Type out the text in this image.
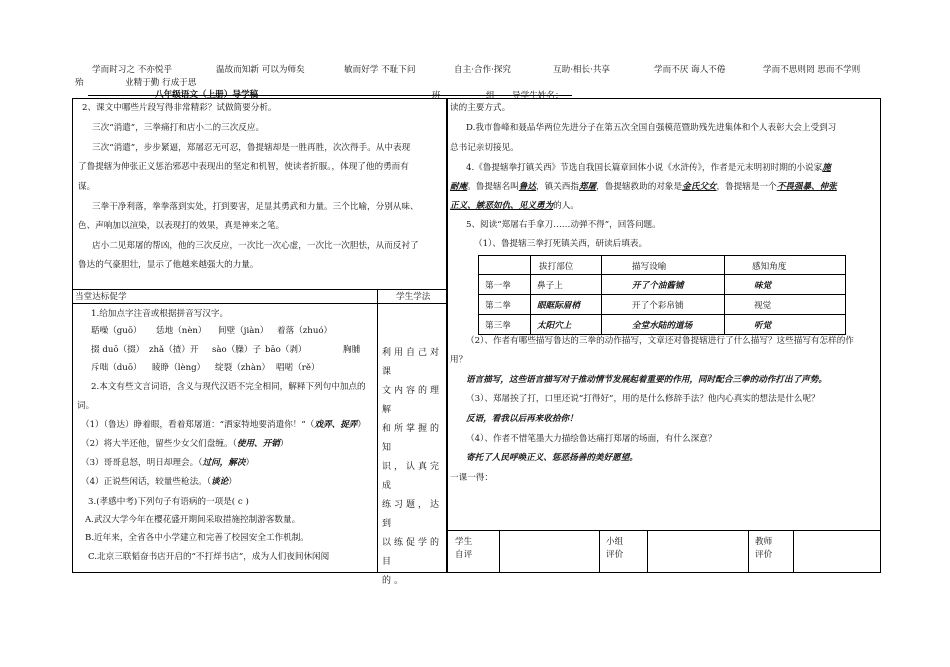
学而时习之 不亦悦乎	温故而知新 可以为师矣	敏而好学 不耻下问	自主·合作·探究	互助·相长·共享	学而不厌 诲人不倦	学而不思则罔 思而不学则
殆	业精于勤 行成于思
八年级语文（上册）导学稿	班	组 导学生姓名：
2、课文中哪些片段写得非常精彩？试做简要分析。
三次“消遣”，三拳痛打和店小二的三次反应。
三次“消遣”，步步紧逼，郑屠忍无可忍，鲁提辖却是一胜再胜，次次得手。从中表现
了鲁提辖为伸张正义惩治邪恶中表现出的坚定和机智，使读者折服。，体现了他的勇而有
谋。
三拳干净利落，拳拳落到实处，打到要害，足显其勇武和力量。三个比喻，分别从味、
色、声响加以渲染，以表现打的效果，真是神来之笔。
店小二见郑屠的帮凶，他的三次反应，一次比一次心虚，一次比一次胆怯，从而反衬了
鲁达的气豪胆壮，显示了他越来越强大的力量。
当堂达标促学	学生学法
1.给加点字注音或根据拼音写汉字。
聒噪（guō） 恁地（nèn） 间壁（jiàn） 着落（zhuó）
掇 duō（掇） zhǎ（揸）开 sào（臊）子 bāo（剥）	胸脯
斥咄（duō） 睖睁（lèng） 绽裂（zhàn） 唱喏（rě）
2.本文有些文言词语，含义与现代汉语不完全相同，解释下列句中加点的
词。
（1）（鲁达）睁着眼，看着郑屠道：“洒家特地要消遣你！”（戏弄、捉弄）
（2）将大半还他，留些少女父们盘缠。（使用、开销）
（3）哥哥息怒，明日却理会。（过问，解决）
（4）正说些闲话，较量些枪法。（谈论）
3.(孝感中考)下列句子有语病的一项是( c )
A.武汉大学今年在樱花盛开期间采取措施控制游客数量。
B.近年来，全省各中小学建立和完善了校园安全工作机制。
C.北京三联韬奋书店开启的“不打烊书店”，成为人们夜间休闲阅
利用自己对课
文内容的理解
和所掌握的知
识，认真完成
练习题，达到
以练促学的目
的。
读的主要方式。
D.我市鲁峰和聂品华两位先进分子在第五次全国自强模范暨助残先进集体和个人表彰大会上受到习
总书记亲切接见。
4.《鲁提辖拳打镇关西》节选自我国长篇章回体小说《水浒传》，作者是元末明初时期的小说家施
耐庵。鲁提辖名叫鲁达，镇关西指郑屠，鲁提辖救助的对象是金氏父女，鲁提辖是一个不畏强暴、伸张
正义、嫉恶如仇、见义勇为的人。
5、阅读“郑屠右手拿刀……动弹不得”，回答问题。
（1）、鲁提辖三拳打死镇关西，研读后填表。
拔打部位	描写设喻	感知角度
第一拳	鼻子上	开了个油酱铺	味觉
第二拳	眼眶际眉梢	开了个彩帛铺	视觉
第三拳	太阳穴上	全堂水陆的道场	听觉
（2）、作者有哪些描写鲁达的三拳的动作描写，文章还对鲁提辖进行了什么描写？这些描写有怎样的作
用？
语言描写，这些语言描写对于推动情节发展起着重要的作用，同时配合三拳的动作打出了声势。
（3）、郑屠挨了打，口里还说“打得好”，用的是什么修辞手法？他内心真实的想法是什么呢？
反语，看我以后再来收拾你！
（4）、作者不惜笔墨大力描绘鲁达痛打郑屠的场面，有什么深意？
寄托了人民呼唤正义、惩恶扬善的美好愿望。
一课一得：
学生
自评
小组
评价
教师
评价
